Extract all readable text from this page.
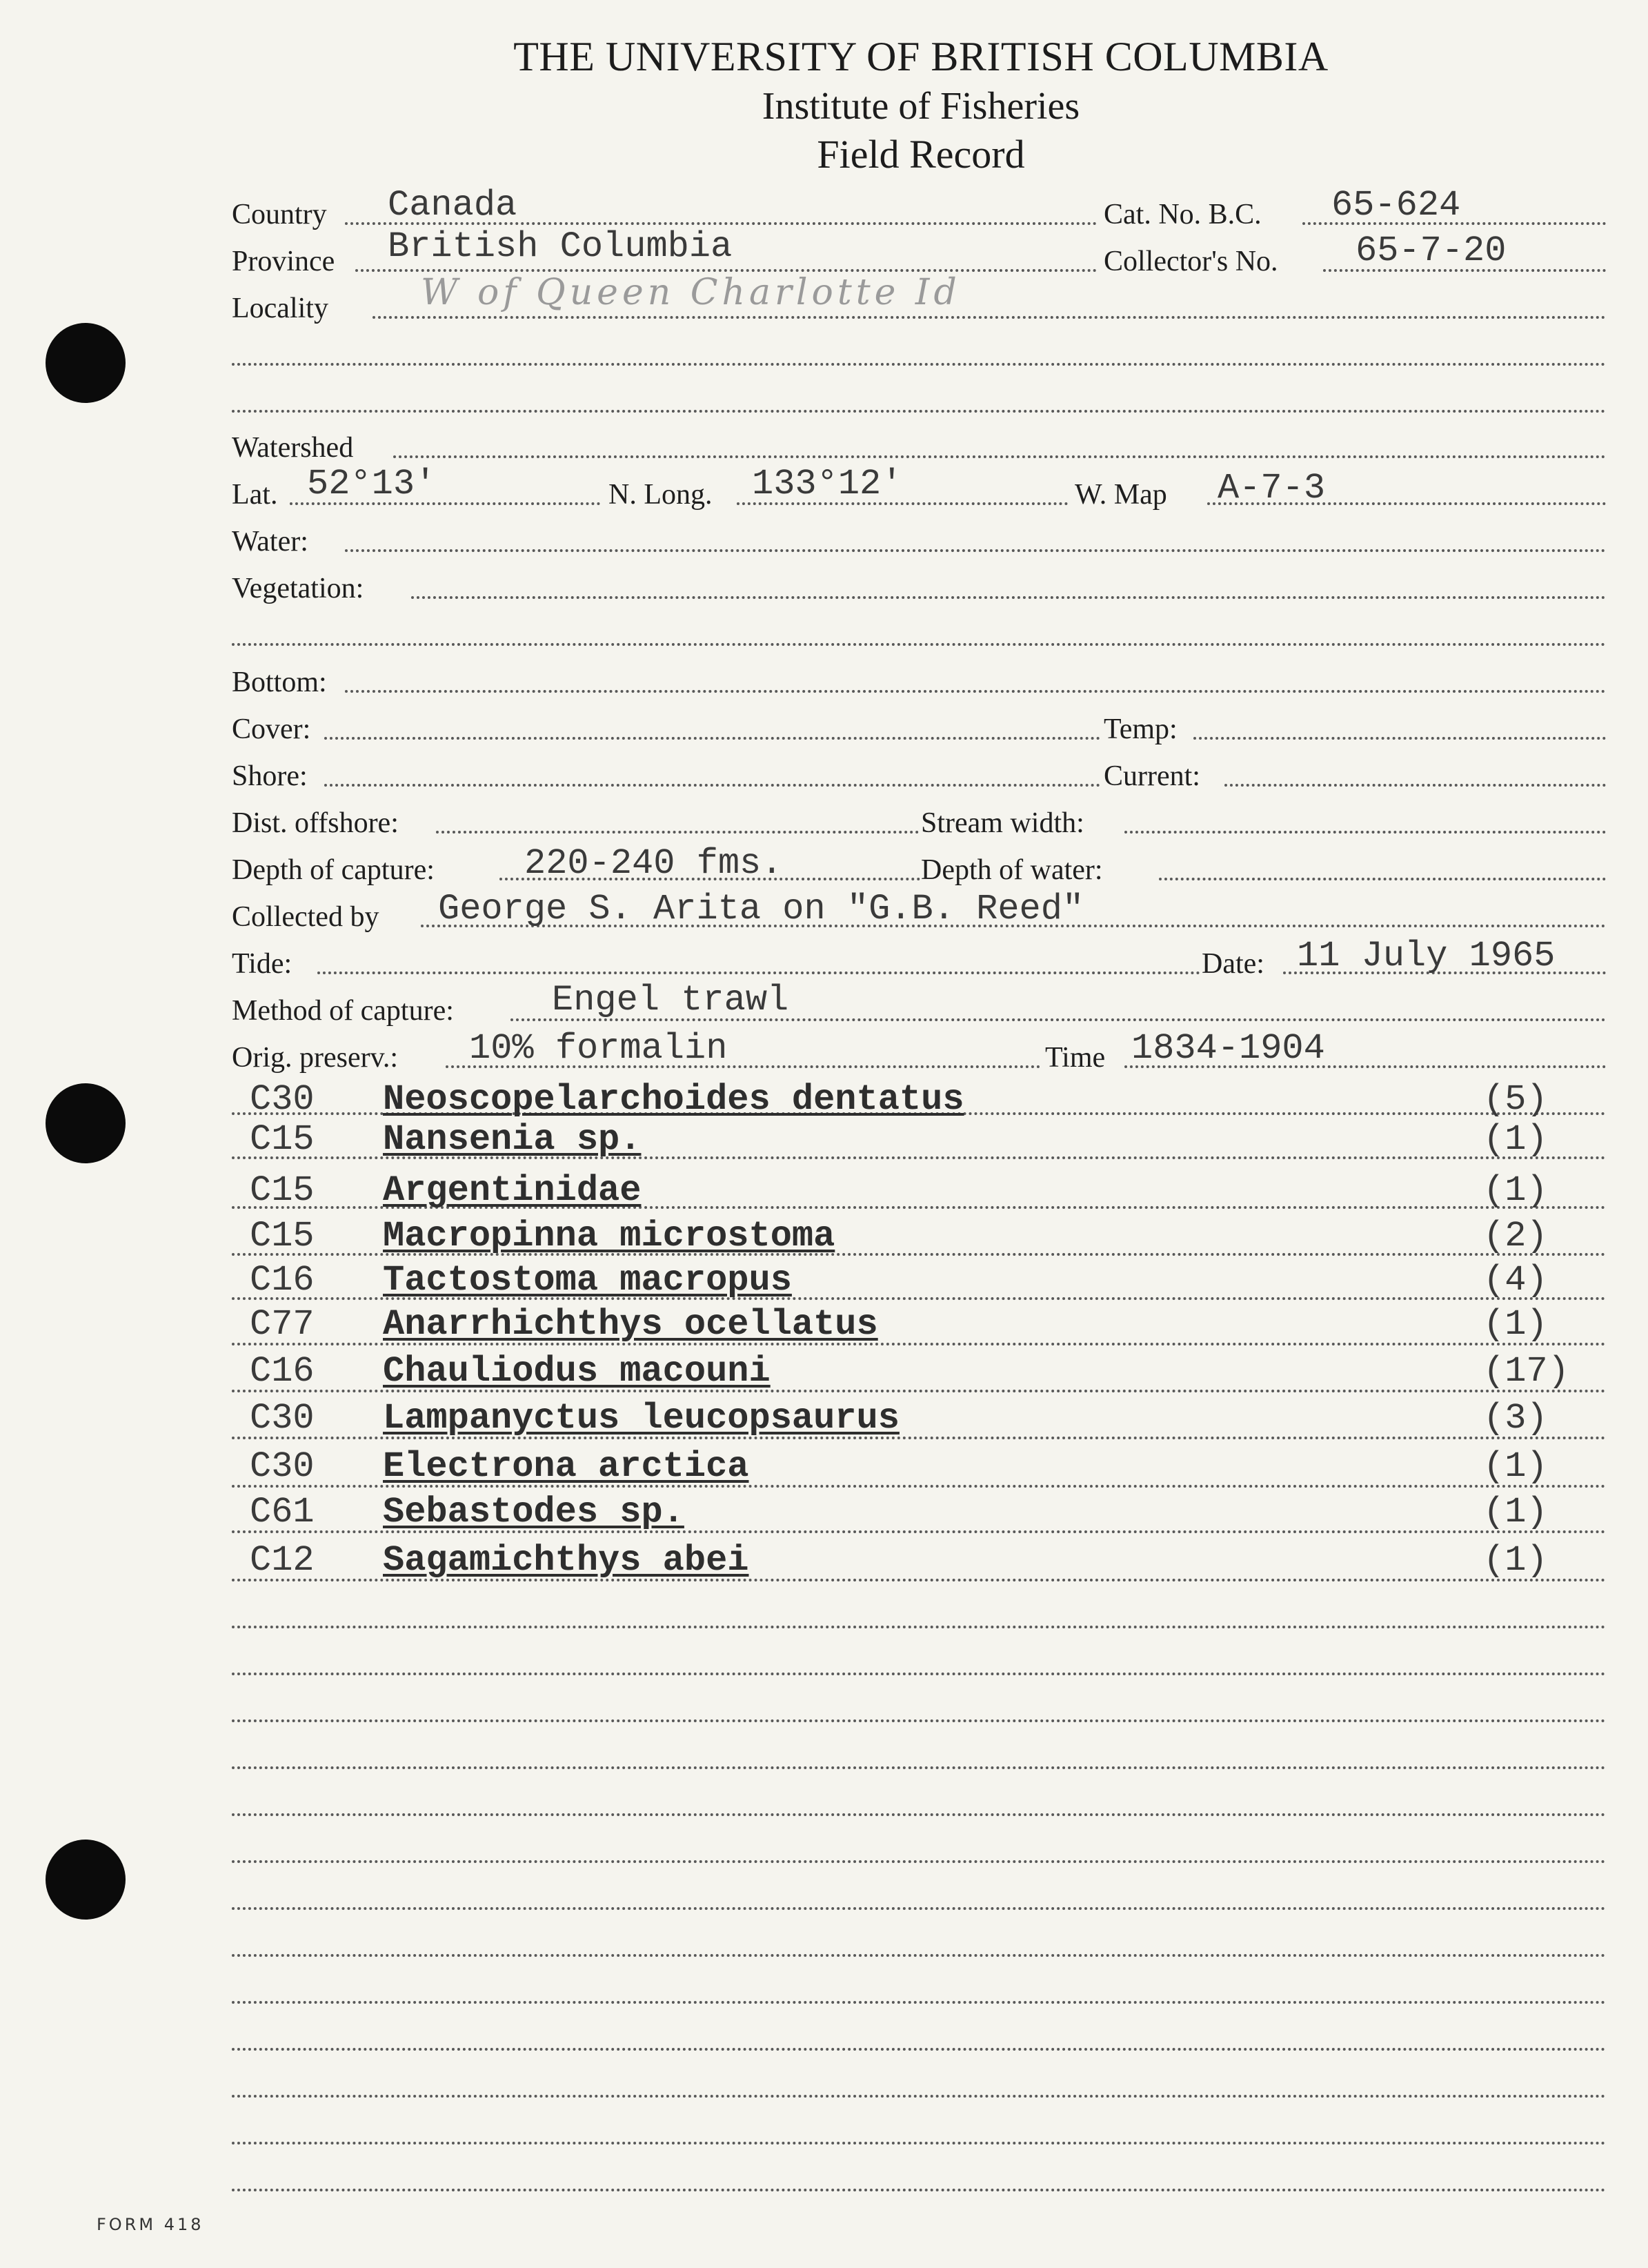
THE UNIVERSITY OF BRITISH COLUMBIA
Institute of Fisheries
Field Record
Country Canada	Cat. No. B.C. 65-624
Province British Columbia	Collector's No. 65-7-20
Locality	W of Queen Charlotte Id
Watershed
Lat. 52°13'	N. Long. 133°12'	W. Map A-7-3
Water:
Vegetation:
Bottom:
Cover:	Temp:
Shore:	Current:
Dist. offshore:	Stream width:
Depth of capture:	220-240 fms.	Depth of water:
Collected by George S. Arita on "G.B. Reed"
Tide:	Date: 11 July 1965
Method of capture:	Engel trawl
Orig. preserv.: 10% formalin	Time 1834-1904
C30 Neoscopelarchoides dentatus	(5)
C15 Nansenia sp.	(1)
C15 Argentinidae	(1)
C15 Macropinna microstoma	(2)
C16 Tactostoma macropus	(4)
C77 Anarrhichthys ocellatus	(1)
C16 Chauliodus macouni	(17)
C30 Lampanyctus leucopsaurus	(3)
C30 Electrona arctica	(1)
C61 Sebastodes sp.	(1)
C12 Sagamichthys abei	(1)
FORM 418
